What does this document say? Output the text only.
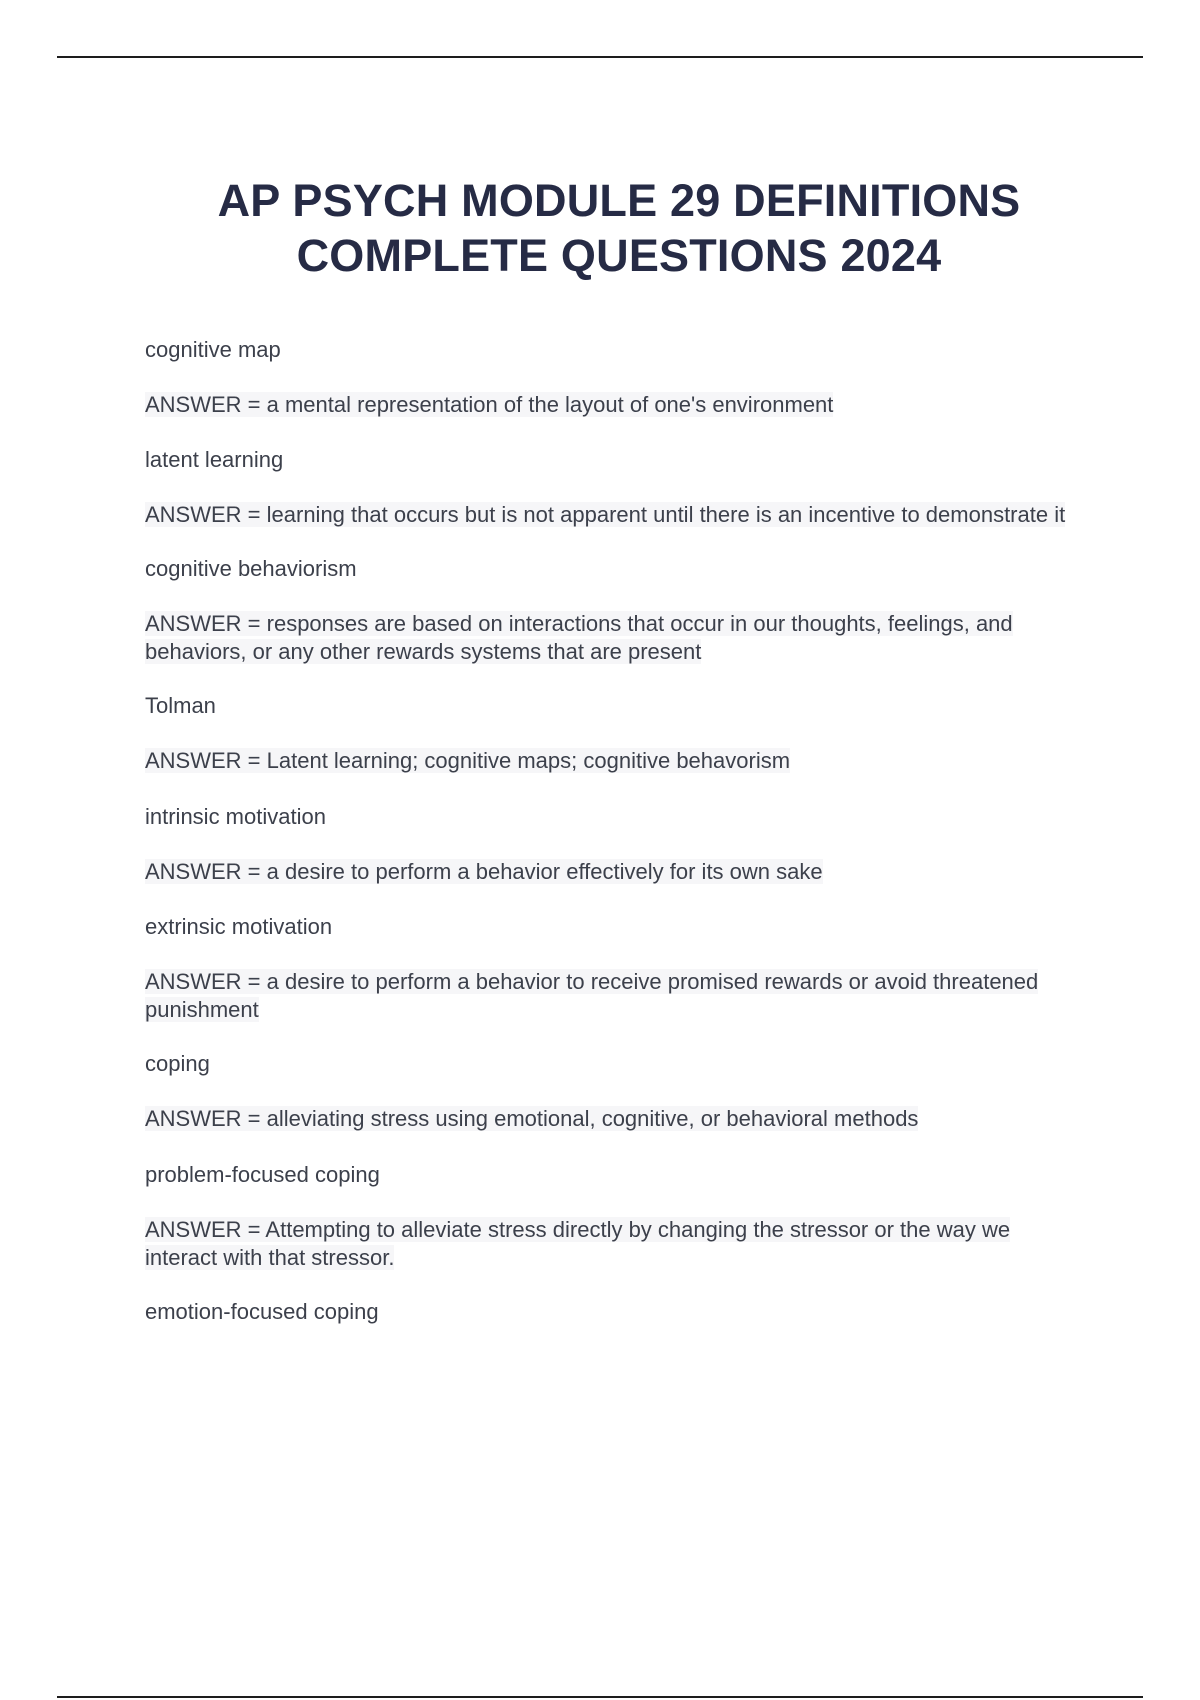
AP PSYCH MODULE 29 DEFINITIONS
COMPLETE QUESTIONS 2024

cognitive map

ANSWER = a mental representation of the layout of one's environment

latent learning

ANSWER = learning that occurs but is not apparent until there is an incentive to demonstrate it

cognitive behaviorism

ANSWER = responses are based on interactions that occur in our thoughts, feelings, and behaviors, or any other rewards systems that are present

Tolman

ANSWER = Latent learning; cognitive maps; cognitive behavorism

intrinsic motivation

ANSWER = a desire to perform a behavior effectively for its own sake

extrinsic motivation

ANSWER = a desire to perform a behavior to receive promised rewards or avoid threatened punishment

coping

ANSWER = alleviating stress using emotional, cognitive, or behavioral methods

problem-focused coping

ANSWER = Attempting to alleviate stress directly by changing the stressor or the way we interact with that stressor.

emotion-focused coping
